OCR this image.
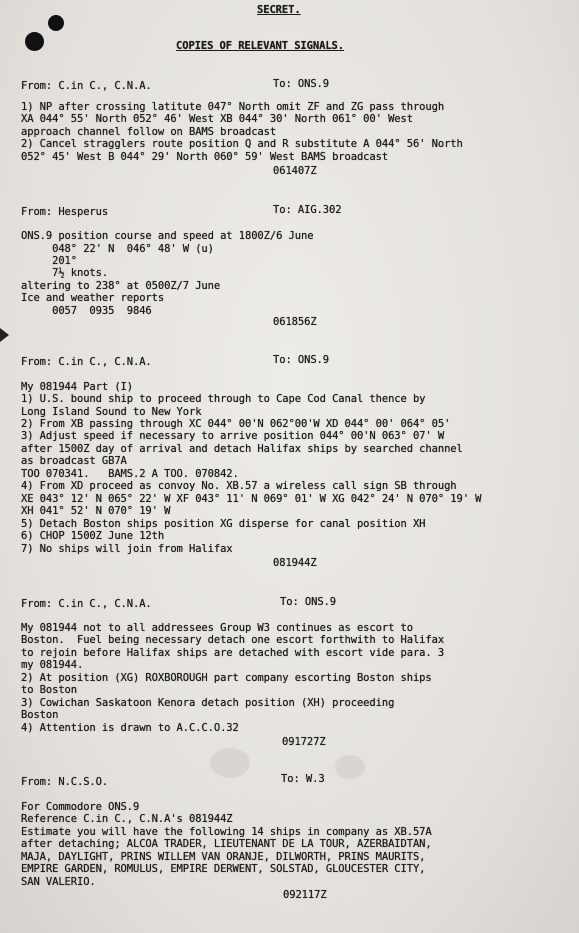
SECRET.
COPIES OF RELEVANT SIGNALS.
From: C.in C., C.N.A.	To: ONS.9
1) NP after crossing latitute 047° North omit ZF and ZG pass through
XA 044° 55' North 052° 46' West XB 044° 30' North 061° 00' West
approach channel follow on BAMS broadcast
2) Cancel stragglers route position Q and R substitute A 044° 56' North
052° 45' West B 044° 29' North 060° 59' West BAMS broadcast
061407Z
From: Hesperus	To: AIG.302
ONS.9 position course and speed at 1800Z/6 June
048° 22' N  046° 48' W (u)
201°
7½ knots.
altering to 238° at 0500Z/7 June
Ice and weather reports
0057  0935  9846
061856Z
From: C.in C., C.N.A.	To: ONS.9
My 081944 Part (I)
1) U.S. bound ship to proceed through to Cape Cod Canal thence by
Long Island Sound to New York
2) From XB passing through XC 044° 00'N 062°00'W XD 044° 00' 064° 05'
3) Adjust speed if necessary to arrive position 044° 00'N 063° 07' W
after 1500Z day of arrival and detach Halifax ships by searched channel
as broadcast GB7A
TOO 070341.   BAMS.2 A TOO. 070842.
4) From XD proceed as convoy No. XB.57 a wireless call sign SB through
XE 043° 12' N 065° 22' W XF 043° 11' N 069° 01' W XG 042° 24' N 070° 19' W
XH 041° 52' N 070° 19' W
5) Detach Boston ships position XG disperse for canal position XH
6) CHOP 1500Z June 12th
7) No ships will join from Halifax
081944Z
From: C.in C., C.N.A.	To: ONS.9
My 081944 not to all addressees Group W3 continues as escort to
Boston.  Fuel being necessary detach one escort forthwith to Halifax
to rejoin before Halifax ships are detached with escort vide para. 3
my 081944.
2) At position (XG) ROXBOROUGH part company escorting Boston ships
to Boston
3) Cowichan Saskatoon Kenora detach position (XH) proceeding
Boston
4) Attention is drawn to A.C.C.O.32
091727Z
From: N.C.S.O.	To: W.3
For Commodore ONS.9
Reference C.in C., C.N.A's 081944Z
Estimate you will have the following 14 ships in company as XB.57A
after detaching; ALCOA TRADER, LIEUTENANT DE LA TOUR, AZERBAIDTAN,
MAJA, DAYLIGHT, PRINS WILLEM VAN ORANJE, DILWORTH, PRINS MAURITS,
EMPIRE GARDEN, ROMULUS, EMPIRE DERWENT, SOLSTAD, GLOUCESTER CITY,
SAN VALERIO.
092117Z
